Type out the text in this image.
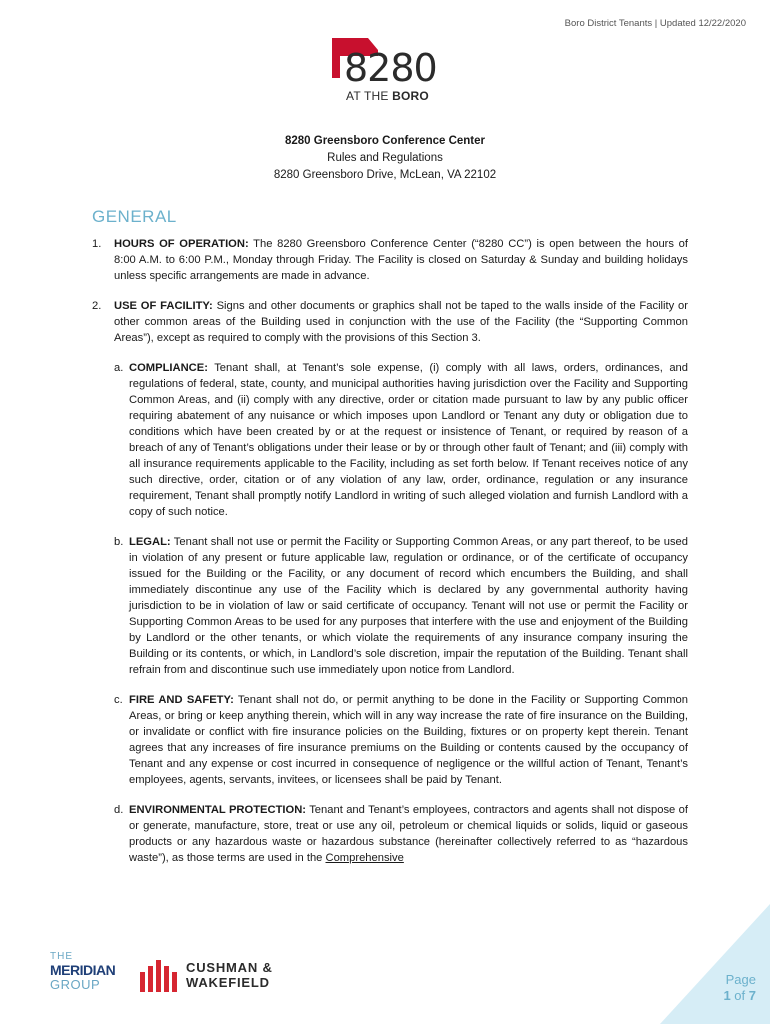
Boro District Tenants | Updated 12/22/2020
8280
AT THE BORO
8280 Greensboro Conference Center
Rules and Regulations
8280 Greensboro Drive, McLean, VA 22102
GENERAL
1. HOURS OF OPERATION: The 8280 Greensboro Conference Center (“8280 CC”) is open between the hours of 8:00 A.M. to 6:00 P.M., Monday through Friday. The Facility is closed on Saturday & Sunday and building holidays unless specific arrangements are made in advance.
2. USE OF FACILITY: Signs and other documents or graphics shall not be taped to the walls inside of the Facility or other common areas of the Building used in conjunction with the use of the Facility (the “Supporting Common Areas”), except as required to comply with the provisions of this Section 3.
a. COMPLIANCE: Tenant shall, at Tenant’s sole expense, (i) comply with all laws, orders, ordinances, and regulations of federal, state, county, and municipal authorities having jurisdiction over the Facility and Supporting Common Areas, and (ii) comply with any directive, order or citation made pursuant to law by any public officer requiring abatement of any nuisance or which imposes upon Landlord or Tenant any duty or obligation due to conditions which have been created by or at the request or insistence of Tenant, or required by reason of a breach of any of Tenant’s obligations under their lease or by or through other fault of Tenant; and (iii) comply with all insurance requirements applicable to the Facility, including as set forth below. If Tenant receives notice of any such directive, order, citation or of any violation of any law, order, ordinance, regulation or any insurance requirement, Tenant shall promptly notify Landlord in writing of such alleged violation and furnish Landlord with a copy of such notice.
b. LEGAL: Tenant shall not use or permit the Facility or Supporting Common Areas, or any part thereof, to be used in violation of any present or future applicable law, regulation or ordinance, or of the certificate of occupancy issued for the Building or the Facility, or any document of record which encumbers the Building, and shall immediately discontinue any use of the Facility which is declared by any governmental authority having jurisdiction to be in violation of law or said certificate of occupancy. Tenant will not use or permit the Facility or Supporting Common Areas to be used for any purposes that interfere with the use and enjoyment of the Building by Landlord or the other tenants, or which violate the requirements of any insurance company insuring the Building or its contents, or which, in Landlord’s sole discretion, impair the reputation of the Building. Tenant shall refrain from and discontinue such use immediately upon notice from Landlord.
c. FIRE AND SAFETY: Tenant shall not do, or permit anything to be done in the Facility or Supporting Common Areas, or bring or keep anything therein, which will in any way increase the rate of fire insurance on the Building, or invalidate or conflict with fire insurance policies on the Building, fixtures or on property kept therein. Tenant agrees that any increases of fire insurance premiums on the Building or contents caused by the occupancy of Tenant and any expense or cost incurred in consequence of negligence or the willful action of Tenant, Tenant’s employees, agents, servants, invitees, or licensees shall be paid by Tenant.
d. ENVIRONMENTAL PROTECTION: Tenant and Tenant’s employees, contractors and agents shall not dispose of or generate, manufacture, store, treat or use any oil, petroleum or chemical liquids or solids, liquid or gaseous products or any hazardous waste or hazardous substance (hereinafter collectively referred to as “hazardous waste”), as those terms are used in the Comprehensive
THE
MERIDIAN
GROUP
CUSHMAN &
WAKEFIELD	Page
1 of 7
